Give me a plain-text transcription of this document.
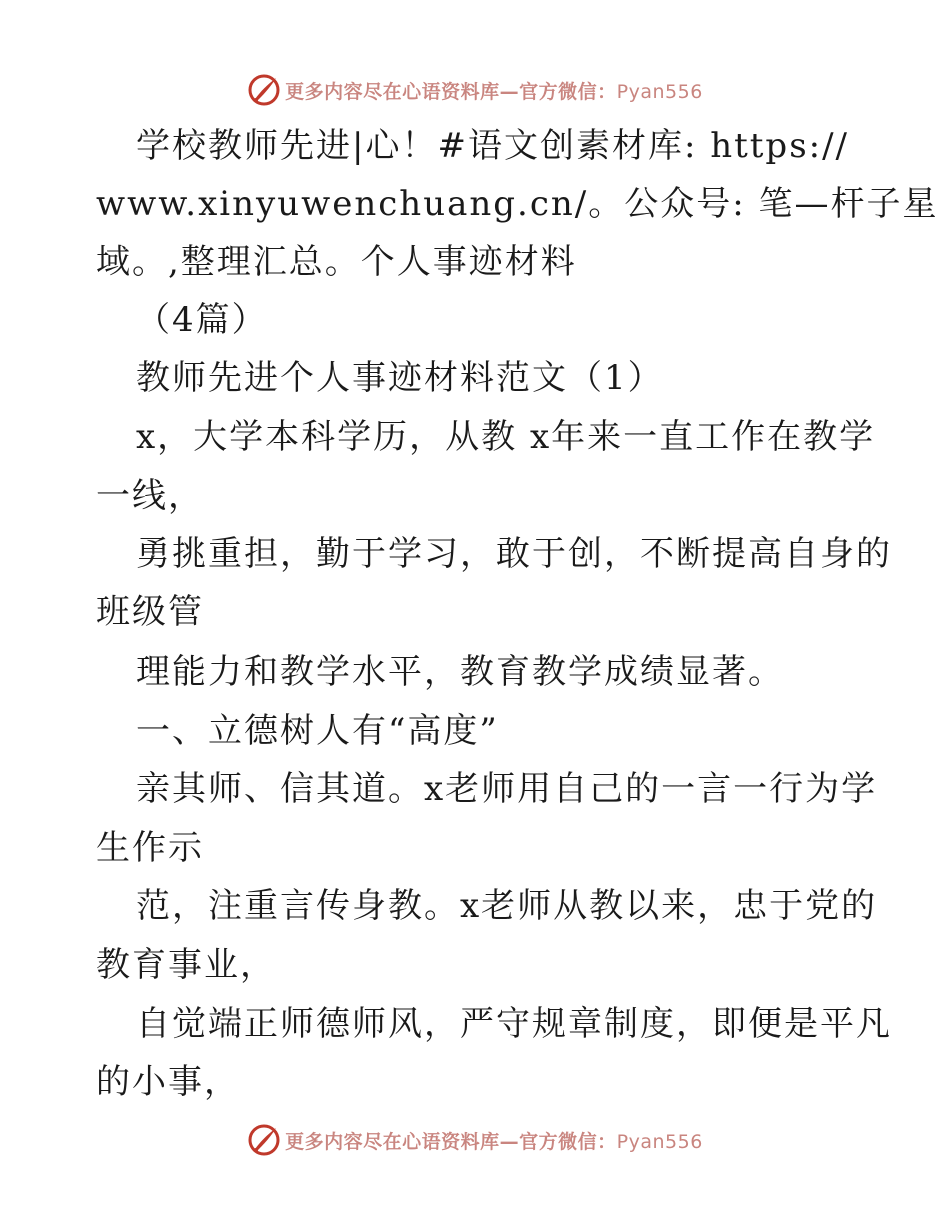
更多内容尽在心语资料库—官方微信：Pyan556
学校教师先进|心！#语文创素材库: https://
www.xinyuwenchuang.cn/。公众号: 笔—杆子星
域。,整理汇总。个人事迹材料
（4篇）
教师先进个人事迹材料范文（1）
x，大学本科学历，从教 x年来一直工作在教学
一线，
勇挑重担，勤于学习，敢于创，不断提高自身的
班级管
理能力和教学水平，教育教学成绩显著。
一、立德树人有“高度”
亲其师、信其道。x老师用自己的一言一行为学
生作示
范，注重言传身教。x老师从教以来，忠于党的
教育事业，
自觉端正师德师风，严守规章制度，即便是平凡
的小事，
更多内容尽在心语资料库—官方微信：Pyan556
